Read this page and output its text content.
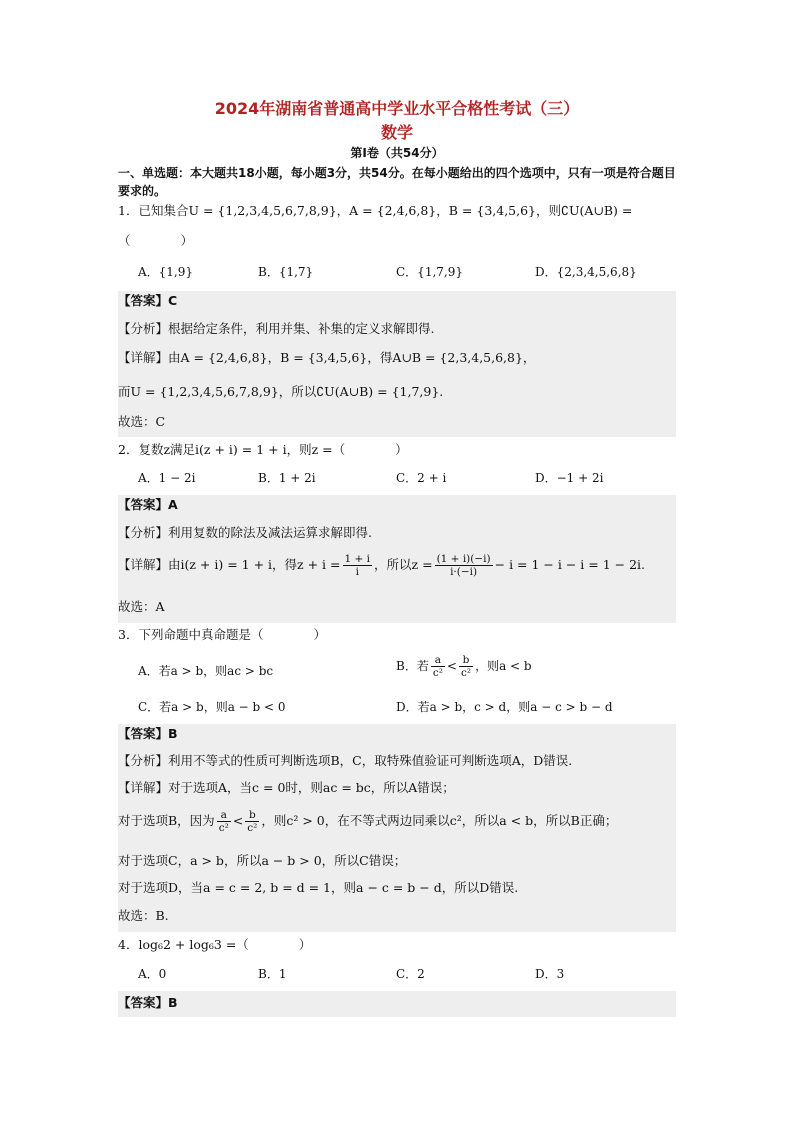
2024年湖南省普通高中学业水平合格性考试（三）
数学
第Ⅰ卷（共54分）
一、单选题：本大题共18小题，每小题3分，共54分。在每小题给出的四个选项中，只有一项是符合题目要求的。
1．已知集合U = {1,2,3,4,5,6,7,8,9}，A = {2,4,6,8}，B = {3,4,5,6}，则∁U(A∪B) =
（　　　　）
A．{1,9}	B．{1,7}	C．{1,7,9}	D．{2,3,4,5,6,8}
【答案】C
【分析】根据给定条件，利用并集、补集的定义求解即得.
【详解】由A = {2,4,6,8}，B = {3,4,5,6}，得A∪B = {2,3,4,5,6,8}，
而U = {1,2,3,4,5,6,7,8,9}，所以∁U(A∪B) = {1,7,9}.
故选：C
2．复数z满足i(z + i) = 1 + i，则z =（　　　　）
A．1 − 2i	B．1 + 2i	C．2 + i	D．−1 + 2i
【答案】A
【分析】利用复数的除法及减法运算求解即得.
【详解】由i(z + i) = 1 + i，得$z + i = \frac{1 + i}{i}$ ，所以$z = \frac{(1 + i)(-i)}{i\cdot(-i)} - i = 1 - i - i = 1 - 2i$.
故选：A
3．下列命题中真命题是（　　　　）
A．若a > b，则ac > bc	B．若 $\frac{a}{\text{c²}} < \frac{b}{\text{c²}}$ ，则a < b
C．若a > b，则a − b < 0	D．若a > b，c > d，则a − c > b − d
【答案】B
【分析】利用不等式的性质可判断选项B，C，取特殊值验证可判断选项A，D错误.
【详解】对于选项A，当c = 0时，则ac = bc，所以A错误；
对于选项B，因为 $\frac{a}{\text{c²}} < \frac{b}{\text{c²}}$ ，则c² > 0，在不等式两边同乘以c²，所以a < b，所以B正确；
对于选项C，a > b，所以a − b > 0，所以C错误；
对于选项D，当a = c = 2, b = d = 1，则a − c = b − d，所以D错误.
故选：B.
4．log₆2 + log₆3 =（　　　　）
A．0	B．1	C．2	D．3
【答案】B
